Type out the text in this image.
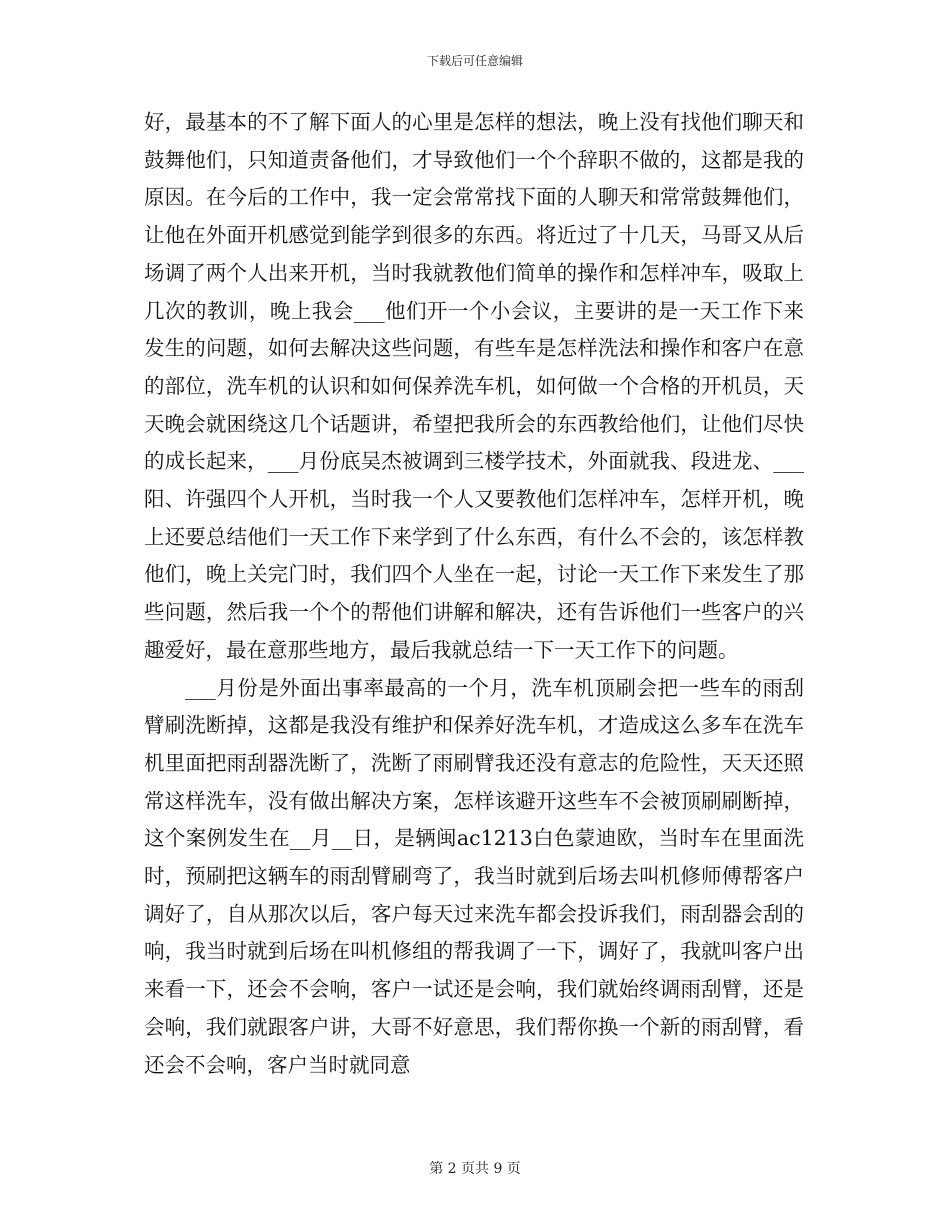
下载后可任意编辑

好，最基本的不了解下面人的心里是怎样的想法，晚上没有找他们聊天和鼓舞他们，只知道责备他们，才导致他们一个个辞职不做的，这都是我的原因。在今后的工作中，我一定会常常找下面的人聊天和常常鼓舞他们，让他在外面开机感觉到能学到很多的东西。将近过了十几天，马哥又从后场调了两个人出来开机，当时我就教他们简单的操作和怎样冲车，吸取上几次的教训，晚上我会___他们开一个小会议，主要讲的是一天工作下来发生的问题，如何去解决这些问题，有些车是怎样洗法和操作和客户在意的部位，洗车机的认识和如何保养洗车机，如何做一个合格的开机员，天天晚会就困绕这几个话题讲，希望把我所会的东西教给他们，让他们尽快的成长起来，___月份底吴杰被调到三楼学技术，外面就我、段进龙、___阳、许强四个人开机，当时我一个人又要教他们怎样冲车，怎样开机，晚上还要总结他们一天工作下来学到了什么东西，有什么不会的，该怎样教他们，晚上关完门时，我们四个人坐在一起，讨论一天工作下来发生了那些问题，然后我一个个的帮他们讲解和解决，还有告诉他们一些客户的兴趣爱好，最在意那些地方，最后我就总结一下一天工作下的问题。

___月份是外面出事率最高的一个月，洗车机顶刷会把一些车的雨刮臂刷洗断掉，这都是我没有维护和保养好洗车机，才造成这么多车在洗车机里面把雨刮器洗断了，洗断了雨刷臂我还没有意志的危险性，天天还照常这样洗车，没有做出解决方案，怎样该避开这些车不会被顶刷刷断掉，这个案例发生在__月__日，是辆闽ac1213白色蒙迪欧，当时车在里面洗时，预刷把这辆车的雨刮臂刷弯了，我当时就到后场去叫机修师傅帮客户调好了，自从那次以后，客户每天过来洗车都会投诉我们，雨刮器会刮的响，我当时就到后场在叫机修组的帮我调了一下，调好了，我就叫客户出来看一下，还会不会响，客户一试还是会响，我们就始终调雨刮臂，还是会响，我们就跟客户讲，大哥不好意思，我们帮你换一个新的雨刮臂，看还会不会响，客户当时就同意

第 2 页共 9 页
